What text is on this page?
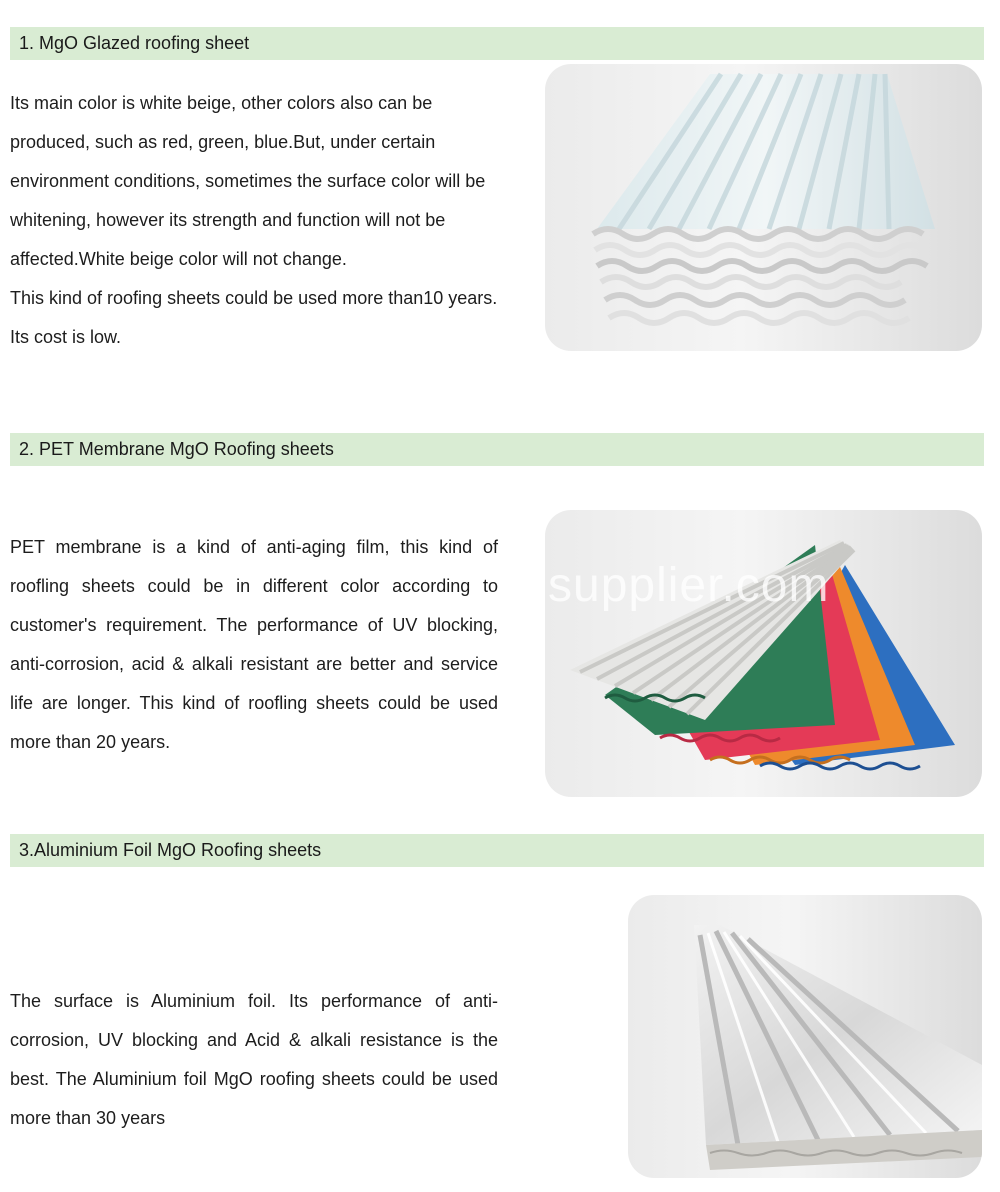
1. MgO Glazed roofing sheet

Its main color is white beige, other colors also can be produced, such as red, green, blue.But, under certain environment conditions, sometimes the surface color will be whitening, however its strength and function will not be affected.White beige color will not change.

This kind of roofing sheets could be used more than10 years. Its cost is low.

2. PET Membrane MgO Roofing sheets

PET membrane is a kind of anti-aging film, this kind of roofling sheets could be in different color according to customer's requirement. The performance of UV blocking, anti-corrosion, acid & alkali resistant are better and service life are longer. This kind of roofling sheets could be used more than 20 years.

supplier.com
3.Aluminium Foil MgO Roofing sheets

The surface is Aluminium foil. Its performance of anti-corrosion, UV blocking and Acid & alkali resistance is the best. The Aluminium foil MgO roofing sheets could be used more than 30 years
